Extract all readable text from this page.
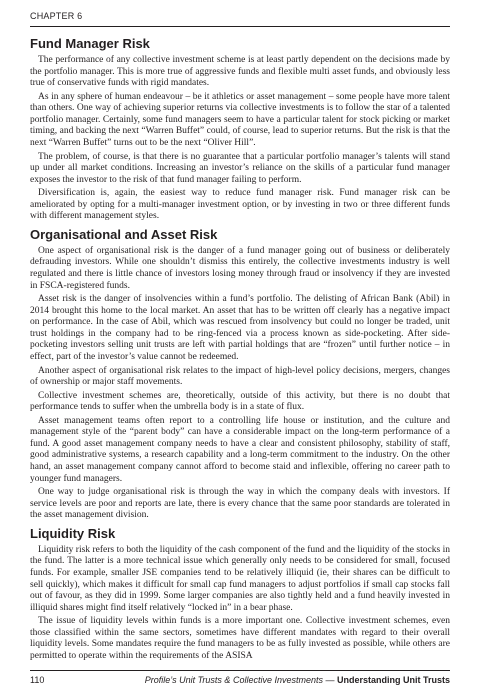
CHAPTER 6
Fund Manager Risk

The performance of any collective investment scheme is at least partly dependent on the decisions made by the portfolio manager. This is more true of aggressive funds and flexible multi asset funds, and obviously less true of conservative funds with rigid mandates.

As in any sphere of human endeavour – be it athletics or asset management – some people have more talent than others. One way of achieving superior returns via collective investments is to follow the star of a talented portfolio manager. Certainly, some fund managers seem to have a particular talent for stock picking or market timing, and backing the next “Warren Buffet” could, of course, lead to superior returns. But the risk is that the next “Warren Buffet” turns out to be the next “Oliver Hill”.

The problem, of course, is that there is no guarantee that a particular portfolio manager’s talents will stand up under all market conditions. Increasing an investor’s reliance on the skills of a particular fund manager exposes the investor to the risk of that fund manager failing to perform.

Diversification is, again, the easiest way to reduce fund manager risk. Fund manager risk can be ameliorated by opting for a multi-manager investment option, or by investing in two or three different funds with different management styles.

Organisational and Asset Risk

One aspect of organisational risk is the danger of a fund manager going out of business or deliberately defrauding investors. While one shouldn’t dismiss this entirely, the collective investments industry is well regulated and there is little chance of investors losing money through fraud or insolvency if they are invested in FSCA-registered funds.

Asset risk is the danger of insolvencies within a fund’s portfolio. The delisting of African Bank (Abil) in 2014 brought this home to the local market. An asset that has to be written off clearly has a negative impact on performance. In the case of Abil, which was rescued from insolvency but could no longer be traded, unit trust holdings in the company had to be ring-fenced via a process known as side-pocketing. After side-pocketing investors selling unit trusts are left with partial holdings that are “frozen” until further notice – in effect, part of the investor’s value cannot be redeemed.

Another aspect of organisational risk relates to the impact of high-level policy decisions, mergers, changes of ownership or major staff movements.

Collective investment schemes are, theoretically, outside of this activity, but there is no doubt that performance tends to suffer when the umbrella body is in a state of flux.

Asset management teams often report to a controlling life house or institution, and the culture and management style of the “parent body” can have a considerable impact on the long-term performance of a fund. A good asset management company needs to have a clear and consistent philosophy, stability of staff, good administrative systems, a research capability and a long-term commitment to the industry. On the other hand, an asset management company cannot afford to become staid and inflexible, offering no career path to younger fund managers.

One way to judge organisational risk is through the way in which the company deals with investors. If service levels are poor and reports are late, there is every chance that the same poor standards are tolerated in the asset management division.

Liquidity Risk

Liquidity risk refers to both the liquidity of the cash component of the fund and the liquidity of the stocks in the fund. The latter is a more technical issue which generally only needs to be considered for small, focused funds. For example, smaller JSE companies tend to be relatively illiquid (ie, their shares can be difficult to sell quickly), which makes it difficult for small cap fund managers to adjust portfolios if small cap stocks fall out of favour, as they did in 1999. Some larger companies are also tightly held and a fund heavily invested in illiquid shares might find itself relatively “locked in” in a bear phase.

The issue of liquidity levels within funds is a more important one. Collective investment schemes, even those classified within the same sectors, sometimes have different mandates with regard to their overall liquidity levels. Some mandates require the fund managers to be as fully invested as possible, while others are permitted to operate within the requirements of the ASISA

110	Profile’s Unit Trusts & Collective Investments — Understanding Unit Trusts
